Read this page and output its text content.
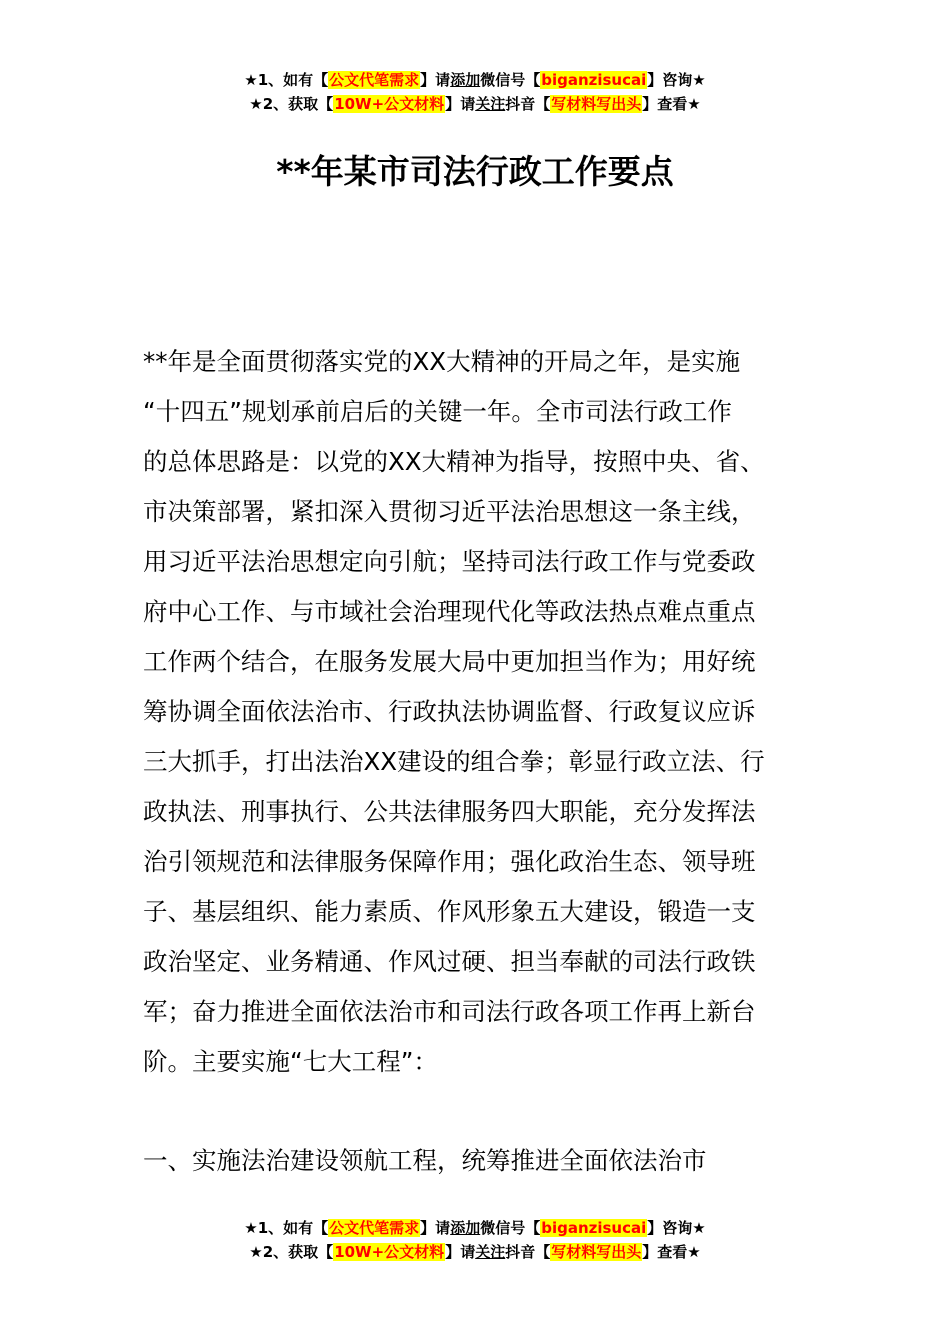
★1、如有【公文代笔需求】请添加微信号【biganzisucai】咨询★
★2、获取【10W+公文材料】请关注抖音【写材料写出头】查看★
**年某市司法行政工作要点
**年是全面贯彻落实党的XX大精神的开局之年，是实施
“十四五”规划承前启后的关键一年。全市司法行政工作
的总体思路是：以党的XX大精神为指导，按照中央、省、
市决策部署，紧扣深入贯彻习近平法治思想这一条主线，
用习近平法治思想定向引航；坚持司法行政工作与党委政
府中心工作、与市域社会治理现代化等政法热点难点重点
工作两个结合，在服务发展大局中更加担当作为；用好统
筹协调全面依法治市、行政执法协调监督、行政复议应诉
三大抓手，打出法治XX建设的组合拳；彰显行政立法、行
政执法、刑事执行、公共法律服务四大职能，充分发挥法
治引领规范和法律服务保障作用；强化政治生态、领导班
子、基层组织、能力素质、作风形象五大建设，锻造一支
政治坚定、业务精通、作风过硬、担当奉献的司法行政铁
军；奋力推进全面依法治市和司法行政各项工作再上新台
阶。主要实施“七大工程”：
一、实施法治建设领航工程，统筹推进全面依法治市
★1、如有【公文代笔需求】请添加微信号【biganzisucai】咨询★
★2、获取【10W+公文材料】请关注抖音【写材料写出头】查看★
